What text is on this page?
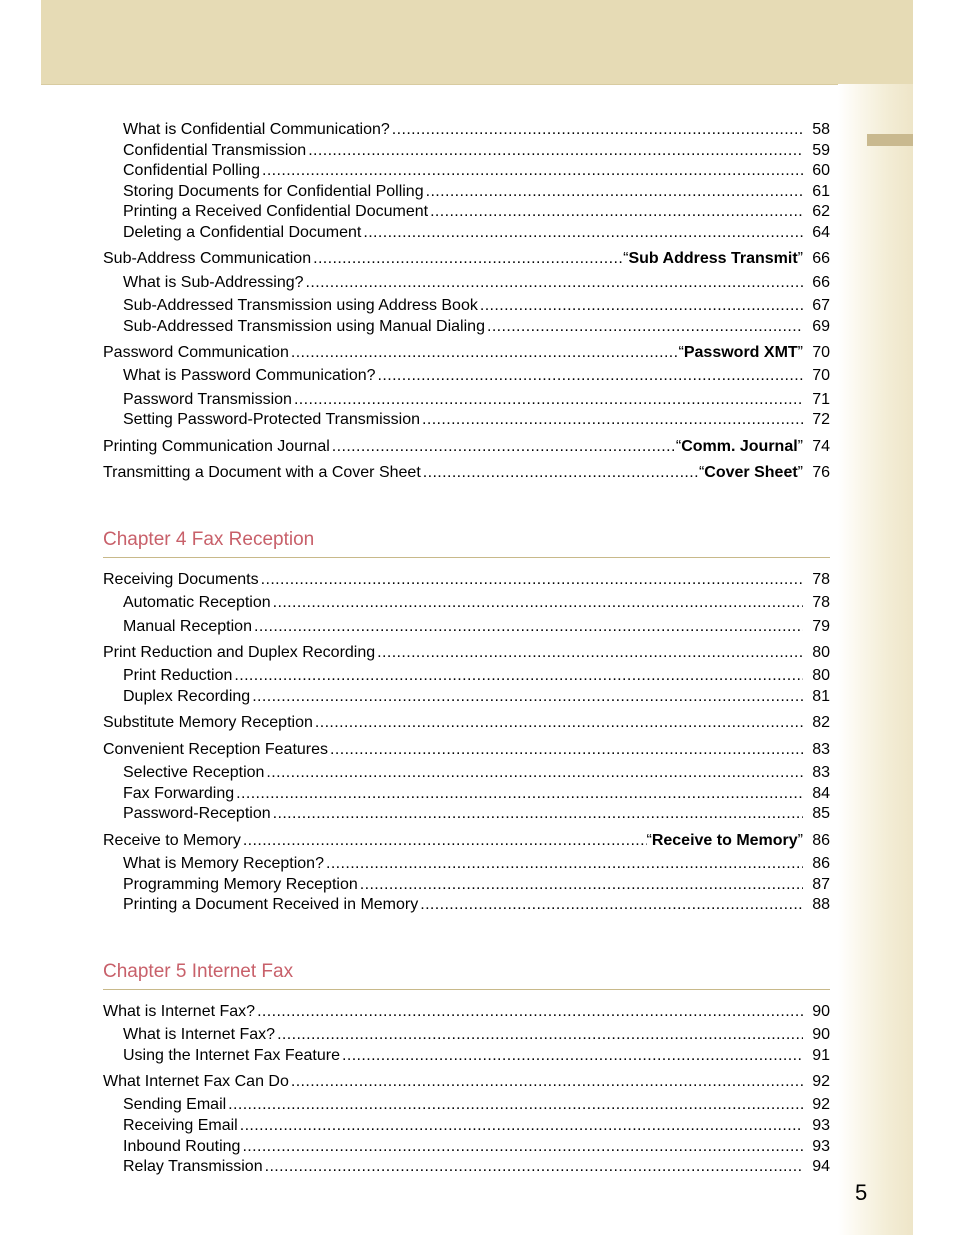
Chapter 4 Fax Reception
Chapter 5 Internet Fax
What is Confidential Communication? .....	58
Confidential Transmission .....	59
Confidential Polling .....	60
Storing Documents for Confidential Polling .....	61
Printing a Received Confidential Document .....	62
Deleting a Confidential Document .....	64
Sub-Address Communication .....	“Sub Address Transmit” 66
What is Sub-Addressing? .....	66
Sub-Addressed Transmission using Address Book .....	67
Sub-Addressed Transmission using Manual Dialing .....	69
Password Communication .....	“Password XMT” 70
What is Password Communication? .....	70
Password Transmission .....	71
Setting Password-Protected Transmission .....	72
Printing Communication Journal .....	“Comm. Journal” 74
Transmitting a Document with a Cover Sheet .....	“Cover Sheet” 76
Receiving Documents .....	78
Automatic Reception .....	78
Manual Reception .....	79
Print Reduction and Duplex Recording .....	80
Print Reduction .....	80
Duplex Recording .....	81
Substitute Memory Reception .....	82
Convenient Reception Features .....	83
Selective Reception .....	83
Fax Forwarding .....	84
Password-Reception .....	85
Receive to Memory .....	“Receive to Memory” 86
What is Memory Reception? .....	86
Programming Memory Reception .....	87
Printing a Document Received in Memory .....	88
What is Internet Fax? .....	90
What is Internet Fax? .....	90
Using the Internet Fax Feature .....	91
What Internet Fax Can Do .....	92
Sending Email .....	92
Receiving Email .....	93
Inbound Routing .....	93
Relay Transmission .....	94
5
